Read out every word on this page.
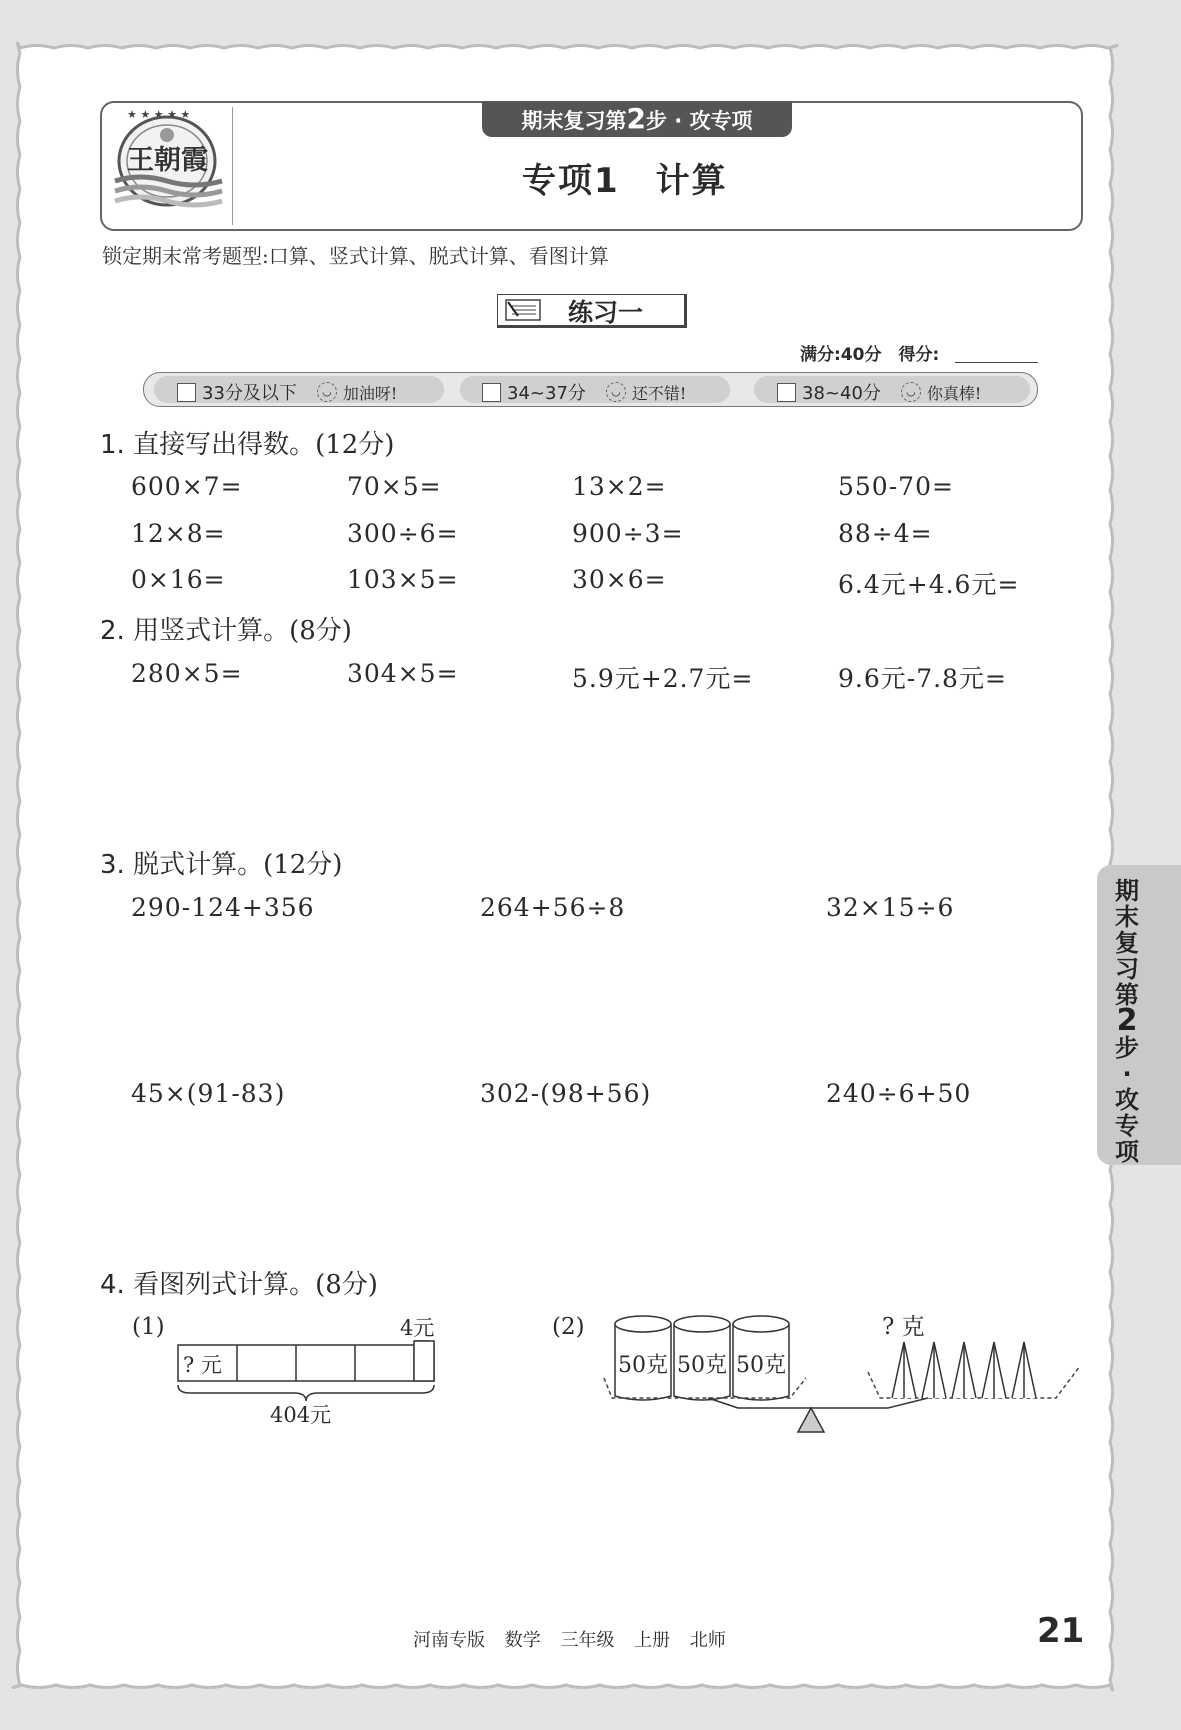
★ ★ ★ ★ ★
王朝霞
期末复习第2步 · 攻专项
专项1　计算
锁定期末常考题型:口算、竖式计算、脱式计算、看图计算
练习一
满分:40分　得分:
33分及以下	◡ 加油呀!	34~37分	◡ 还不错!	38~40分	◡ 你真棒!
1. 直接写出得数。(12分)
600×7=	70×5=	13×2=	550-70=
12×8=	300÷6=	900÷3=	88÷4=
0×16=	103×5=	30×6=	6.4元+4.6元=
2. 用竖式计算。(8分)
280×5=	304×5=	5.9元+2.7元=	9.6元-7.8元=
3. 脱式计算。(12分)
290-124+356	264+56÷8	32×15÷6
45×(91-83)	302-(98+56)	240÷6+50
4. 看图列式计算。(8分)
(1)	4元
? 元
404元
(2)	? 克
50克 50克 50克
期末复习第2步·攻专项
河南专版 数学 三年级 上册 北师	21
